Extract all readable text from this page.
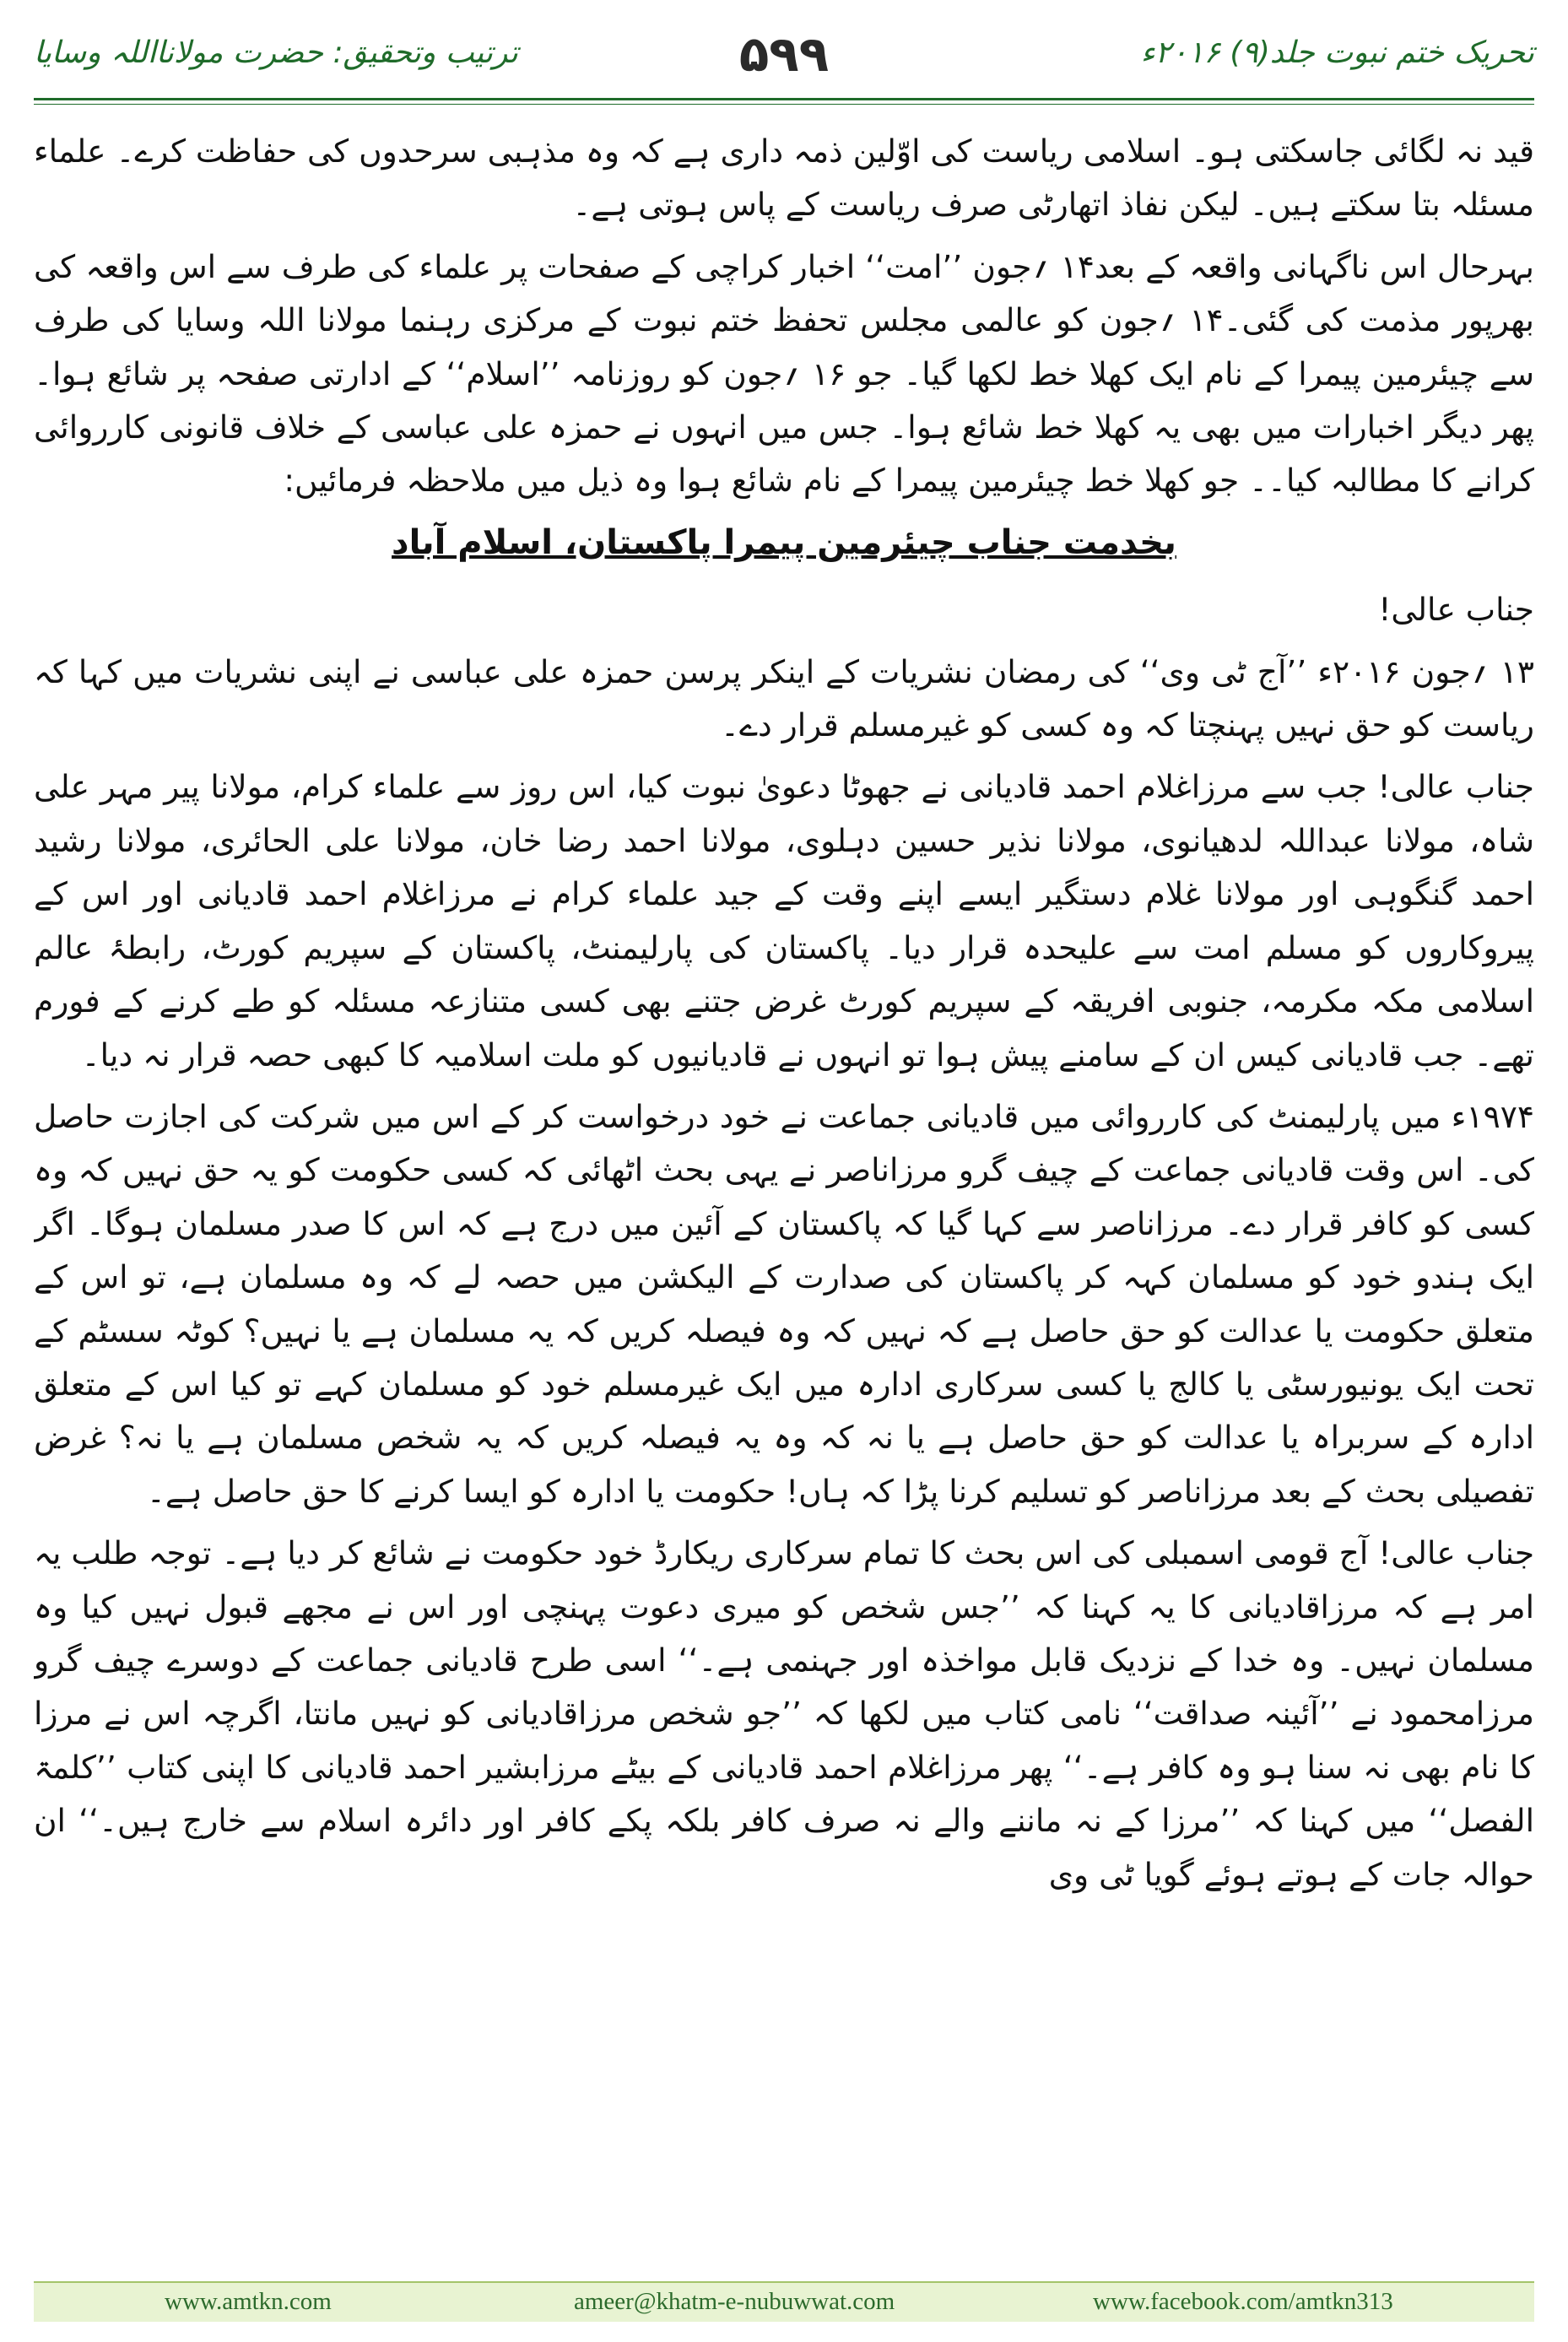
تحریک ختم نبوت جلد(۹) ۲۰۱۶ء
۵۹۹
ترتیب وتحقیق: حضرت مولانااللہ وسایا

قید نہ لگائی جاسکتی ہو۔ اسلامی ریاست کی اوّلین ذمہ داری ہے کہ وہ مذہبی سرحدوں کی حفاظت کرے۔ علماء مسئلہ بتا سکتے ہیں۔ لیکن نفاذ اتھارٹی صرف ریاست کے پاس ہوتی ہے۔

بہرحال اس ناگہانی واقعہ کے بعد۱۴ ؍جون ’’امت‘‘ اخبار کراچی کے صفحات پر علماء کی طرف سے اس واقعہ کی بھرپور مذمت کی گئی۔۱۴ ؍جون کو عالمی مجلس تحفظ ختم نبوت کے مرکزی رہنما مولانا اللہ وسایا کی طرف سے چیئرمین پیمرا کے نام ایک کھلا خط لکھا گیا۔ جو ۱۶ ؍جون کو روزنامہ ’’اسلام‘‘ کے ادارتی صفحہ پر شائع ہوا۔ پھر دیگر اخبارات میں بھی یہ کھلا خط شائع ہوا۔ جس میں انہوں نے حمزہ علی عباسی کے خلاف قانونی کارروائی کرانے کا مطالبہ کیا۔۔ جو کھلا خط چیئرمین پیمرا کے نام شائع ہوا وہ ذیل میں ملاحظہ فرمائیں:

بخدمت جناب چیئرمین پیمرا پاکستان، اسلام آباد

جناب عالی!

۱۳ ؍جون ۲۰۱۶ء ’’آج ٹی وی‘‘ کی رمضان نشریات کے اینکر پرسن حمزہ علی عباسی نے اپنی نشریات میں کہا کہ ریاست کو حق نہیں پہنچتا کہ وہ کسی کو غیرمسلم قرار دے۔

جناب عالی! جب سے مرزاغلام احمد قادیانی نے جھوٹا دعویٰ نبوت کیا، اس روز سے علماء کرام، مولانا پیر مہر علی شاہ، مولانا عبداللہ لدھیانوی، مولانا نذیر حسین دہلوی، مولانا احمد رضا خان، مولانا علی الحائری، مولانا رشید احمد گنگوہی اور مولانا غلام دستگیر ایسے اپنے وقت کے جید علماء کرام نے مرزاغلام احمد قادیانی اور اس کے پیروکاروں کو مسلم امت سے علیحدہ قرار دیا۔ پاکستان کی پارلیمنٹ، پاکستان کے سپریم کورٹ، رابطۂ عالم اسلامی مکہ مکرمہ، جنوبی افریقہ کے سپریم کورٹ غرض جتنے بھی کسی متنازعہ مسئلہ کو طے کرنے کے فورم تھے۔ جب قادیانی کیس ان کے سامنے پیش ہوا تو انہوں نے قادیانیوں کو ملت اسلامیہ کا کبھی حصہ قرار نہ دیا۔

۱۹۷۴ء میں پارلیمنٹ کی کارروائی میں قادیانی جماعت نے خود درخواست کر کے اس میں شرکت کی اجازت حاصل کی۔ اس وقت قادیانی جماعت کے چیف گرو مرزاناصر نے یہی بحث اٹھائی کہ کسی حکومت کو یہ حق نہیں کہ وہ کسی کو کافر قرار دے۔ مرزاناصر سے کہا گیا کہ پاکستان کے آئین میں درج ہے کہ اس کا صدر مسلمان ہوگا۔ اگر ایک ہندو خود کو مسلمان کہہ کر پاکستان کی صدارت کے الیکشن میں حصہ لے کہ وہ مسلمان ہے، تو اس کے متعلق حکومت یا عدالت کو حق حاصل ہے کہ نہیں کہ وہ فیصلہ کریں کہ یہ مسلمان ہے یا نہیں؟ کوٹہ سسٹم کے تحت ایک یونیورسٹی یا کالج یا کسی سرکاری ادارہ میں ایک غیرمسلم خود کو مسلمان کہے تو کیا اس کے متعلق ادارہ کے سربراہ یا عدالت کو حق حاصل ہے یا نہ کہ وہ یہ فیصلہ کریں کہ یہ شخص مسلمان ہے یا نہ؟ غرض تفصیلی بحث کے بعد مرزاناصر کو تسلیم کرنا پڑا کہ ہاں! حکومت یا ادارہ کو ایسا کرنے کا حق حاصل ہے۔

جناب عالی! آج قومی اسمبلی کی اس بحث کا تمام سرکاری ریکارڈ خود حکومت نے شائع کر دیا ہے۔ توجہ طلب یہ امر ہے کہ مرزاقادیانی کا یہ کہنا کہ ’’جس شخص کو میری دعوت پہنچی اور اس نے مجھے قبول نہیں کیا وہ مسلمان نہیں۔ وہ خدا کے نزدیک قابل مواخذہ اور جہنمی ہے۔‘‘ اسی طرح قادیانی جماعت کے دوسرے چیف گرو مرزامحمود نے ’’آئینہ صداقت‘‘ نامی کتاب میں لکھا کہ ’’جو شخص مرزاقادیانی کو نہیں مانتا، اگرچہ اس نے مرزا کا نام بھی نہ سنا ہو وہ کافر ہے۔‘‘ پھر مرزاغلام احمد قادیانی کے بیٹے مرزابشیر احمد قادیانی کا اپنی کتاب ’’کلمۃ الفصل‘‘ میں کہنا کہ ’’مرزا کے نہ ماننے والے نہ صرف کافر بلکہ پکے کافر اور دائرہ اسلام سے خارج ہیں۔‘‘ ان حوالہ جات کے ہوتے ہوئے گویا ٹی وی

www.amtkn.com	ameer@khatm-e-nubuwwat.com	www.facebook.com/amtkn313
